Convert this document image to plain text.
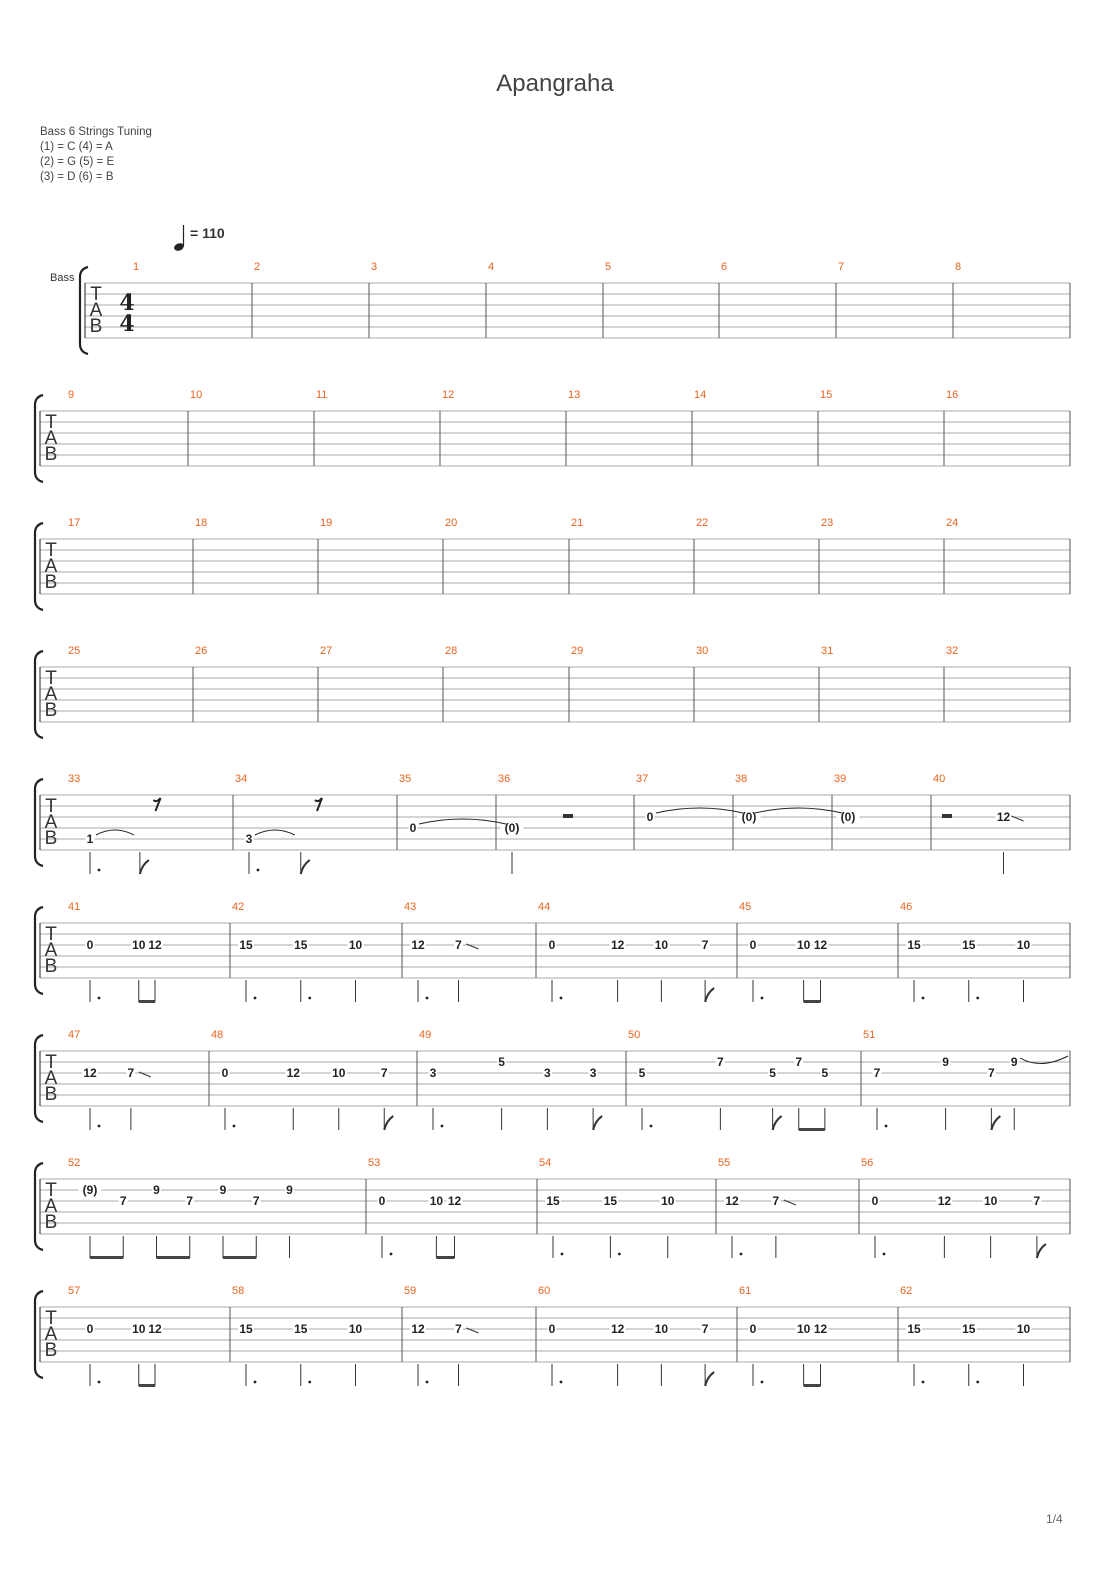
Apangraha
Bass 6 Strings Tuning
(1) = C (4) = A
(2) = G (5) = E
(3) = D (6) = B
= 110
T
A
B
Bass
4
4
1	2	3	4	5	6	7	8
T
A
B
9	10	11	12	13	14	15	16
T
A
B
17	18	19	20	21	22	23	24
T
A
B
25	26	27	28	29	30	31	32
T
A
B
33
1
34
3
35
0
36
(0)
37
0
38
(0)
39
(0)
40
12
T
A
B
41
0	10 12
42
15	15	10
43
12	7
44
0	12	10	7
45
0	10 12
46
15	15	10
T
A
B
47
12	7
48
0	12	10	7
49
3
5
3	3
50
5
7
5
7
5
51
7
9
7
9
T
A
B
52
(9)
7
9
7
9
7
9
53
0	10 12
54
15	15	10
55
12	7
56
0	12	10	7
T
A
B
57
0	10 12
58
15	15	10
59
12	7
60
0	12	10	7
61
0	10 12
62
15	15	10
1/4
